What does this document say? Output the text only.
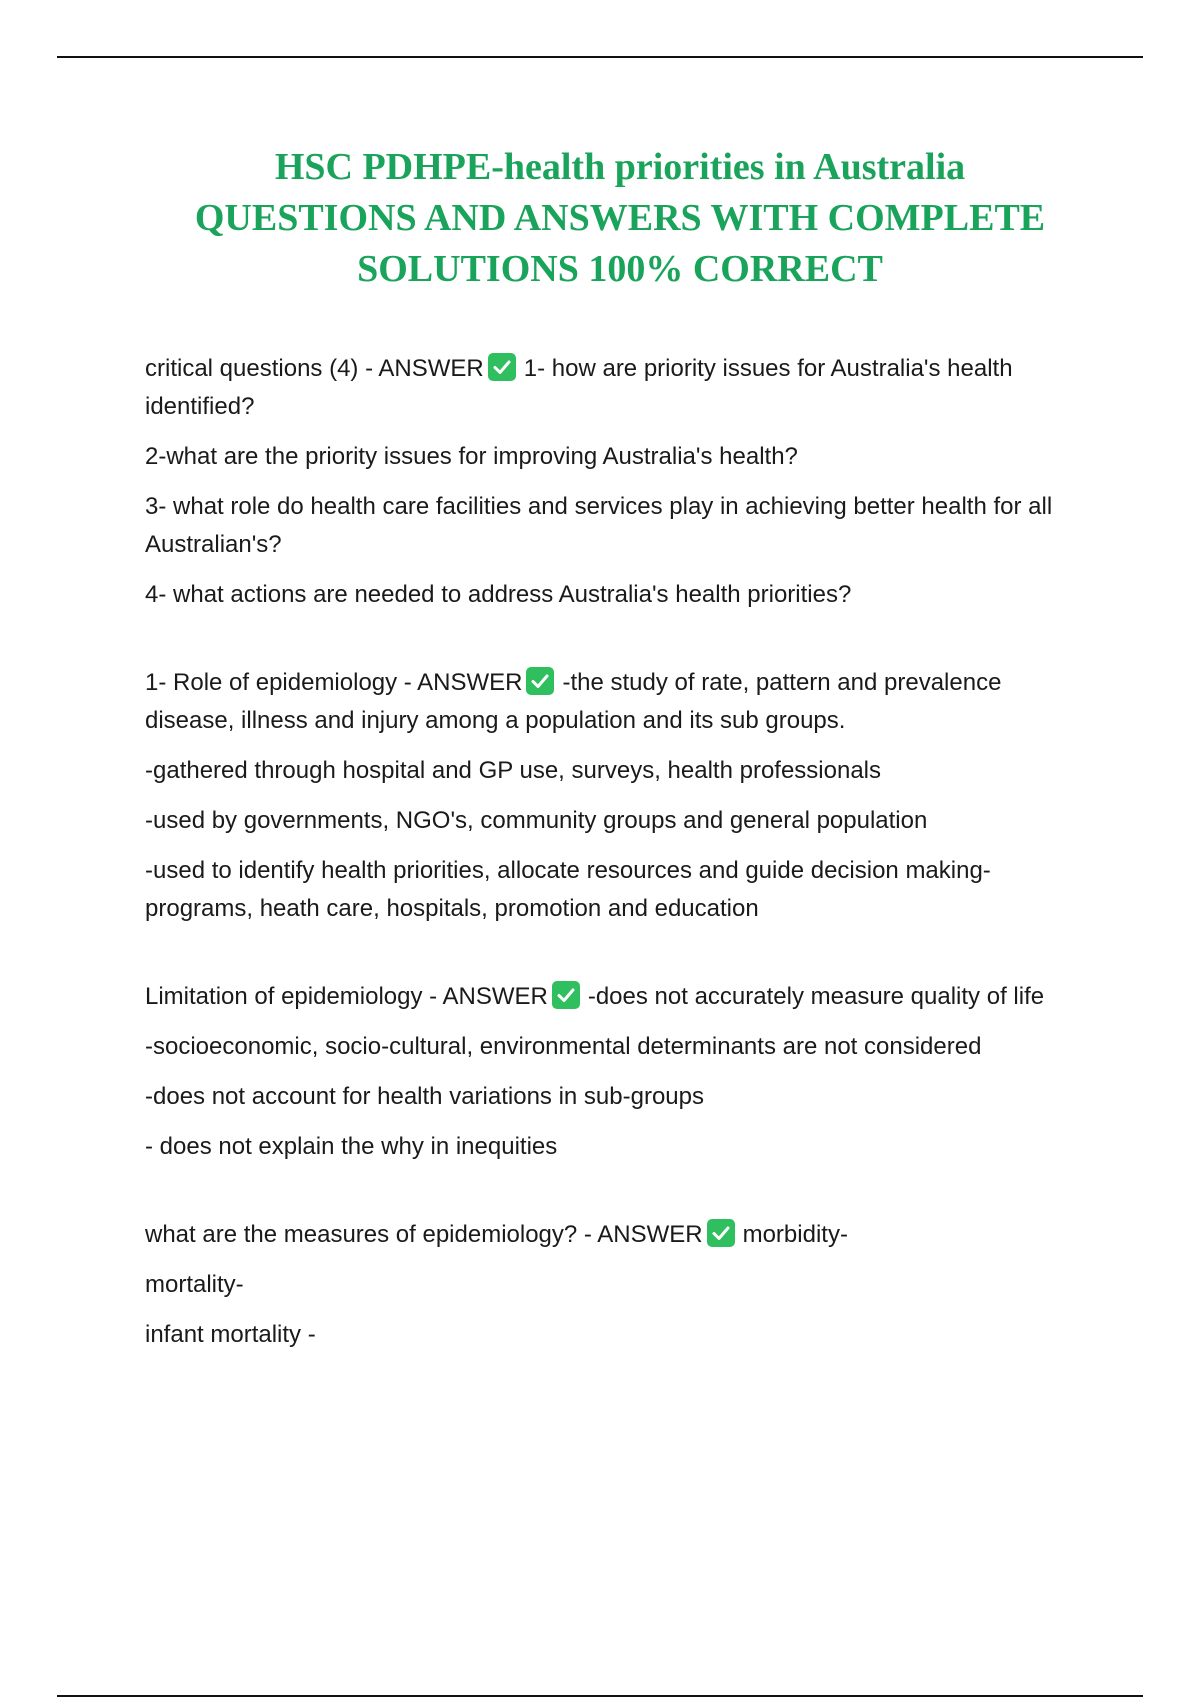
HSC PDHPE-health priorities in Australia
QUESTIONS AND ANSWERS WITH COMPLETE
SOLUTIONS 100% CORRECT

critical questions (4) - ANSWER 1- how are priority issues for Australia's health identified?

2-what are the priority issues for improving Australia's health?

3- what role do health care facilities and services play in achieving better health for all Australian's?

4- what actions are needed to address Australia's health priorities?

1- Role of epidemiology - ANSWER -the study of rate, pattern and prevalence disease, illness and injury among a population and its sub groups.

-gathered through hospital and GP use, surveys, health professionals

-used by governments, NGO's, community groups and general population

-used to identify health priorities, allocate resources and guide decision making- programs, heath care, hospitals, promotion and education

Limitation of epidemiology - ANSWER -does not accurately measure quality of life

-socioeconomic, socio-cultural, environmental determinants are not considered

-does not account for health variations in sub-groups

- does not explain the why in inequities

what are the measures of epidemiology? - ANSWER morbidity-

mortality-

infant mortality -
